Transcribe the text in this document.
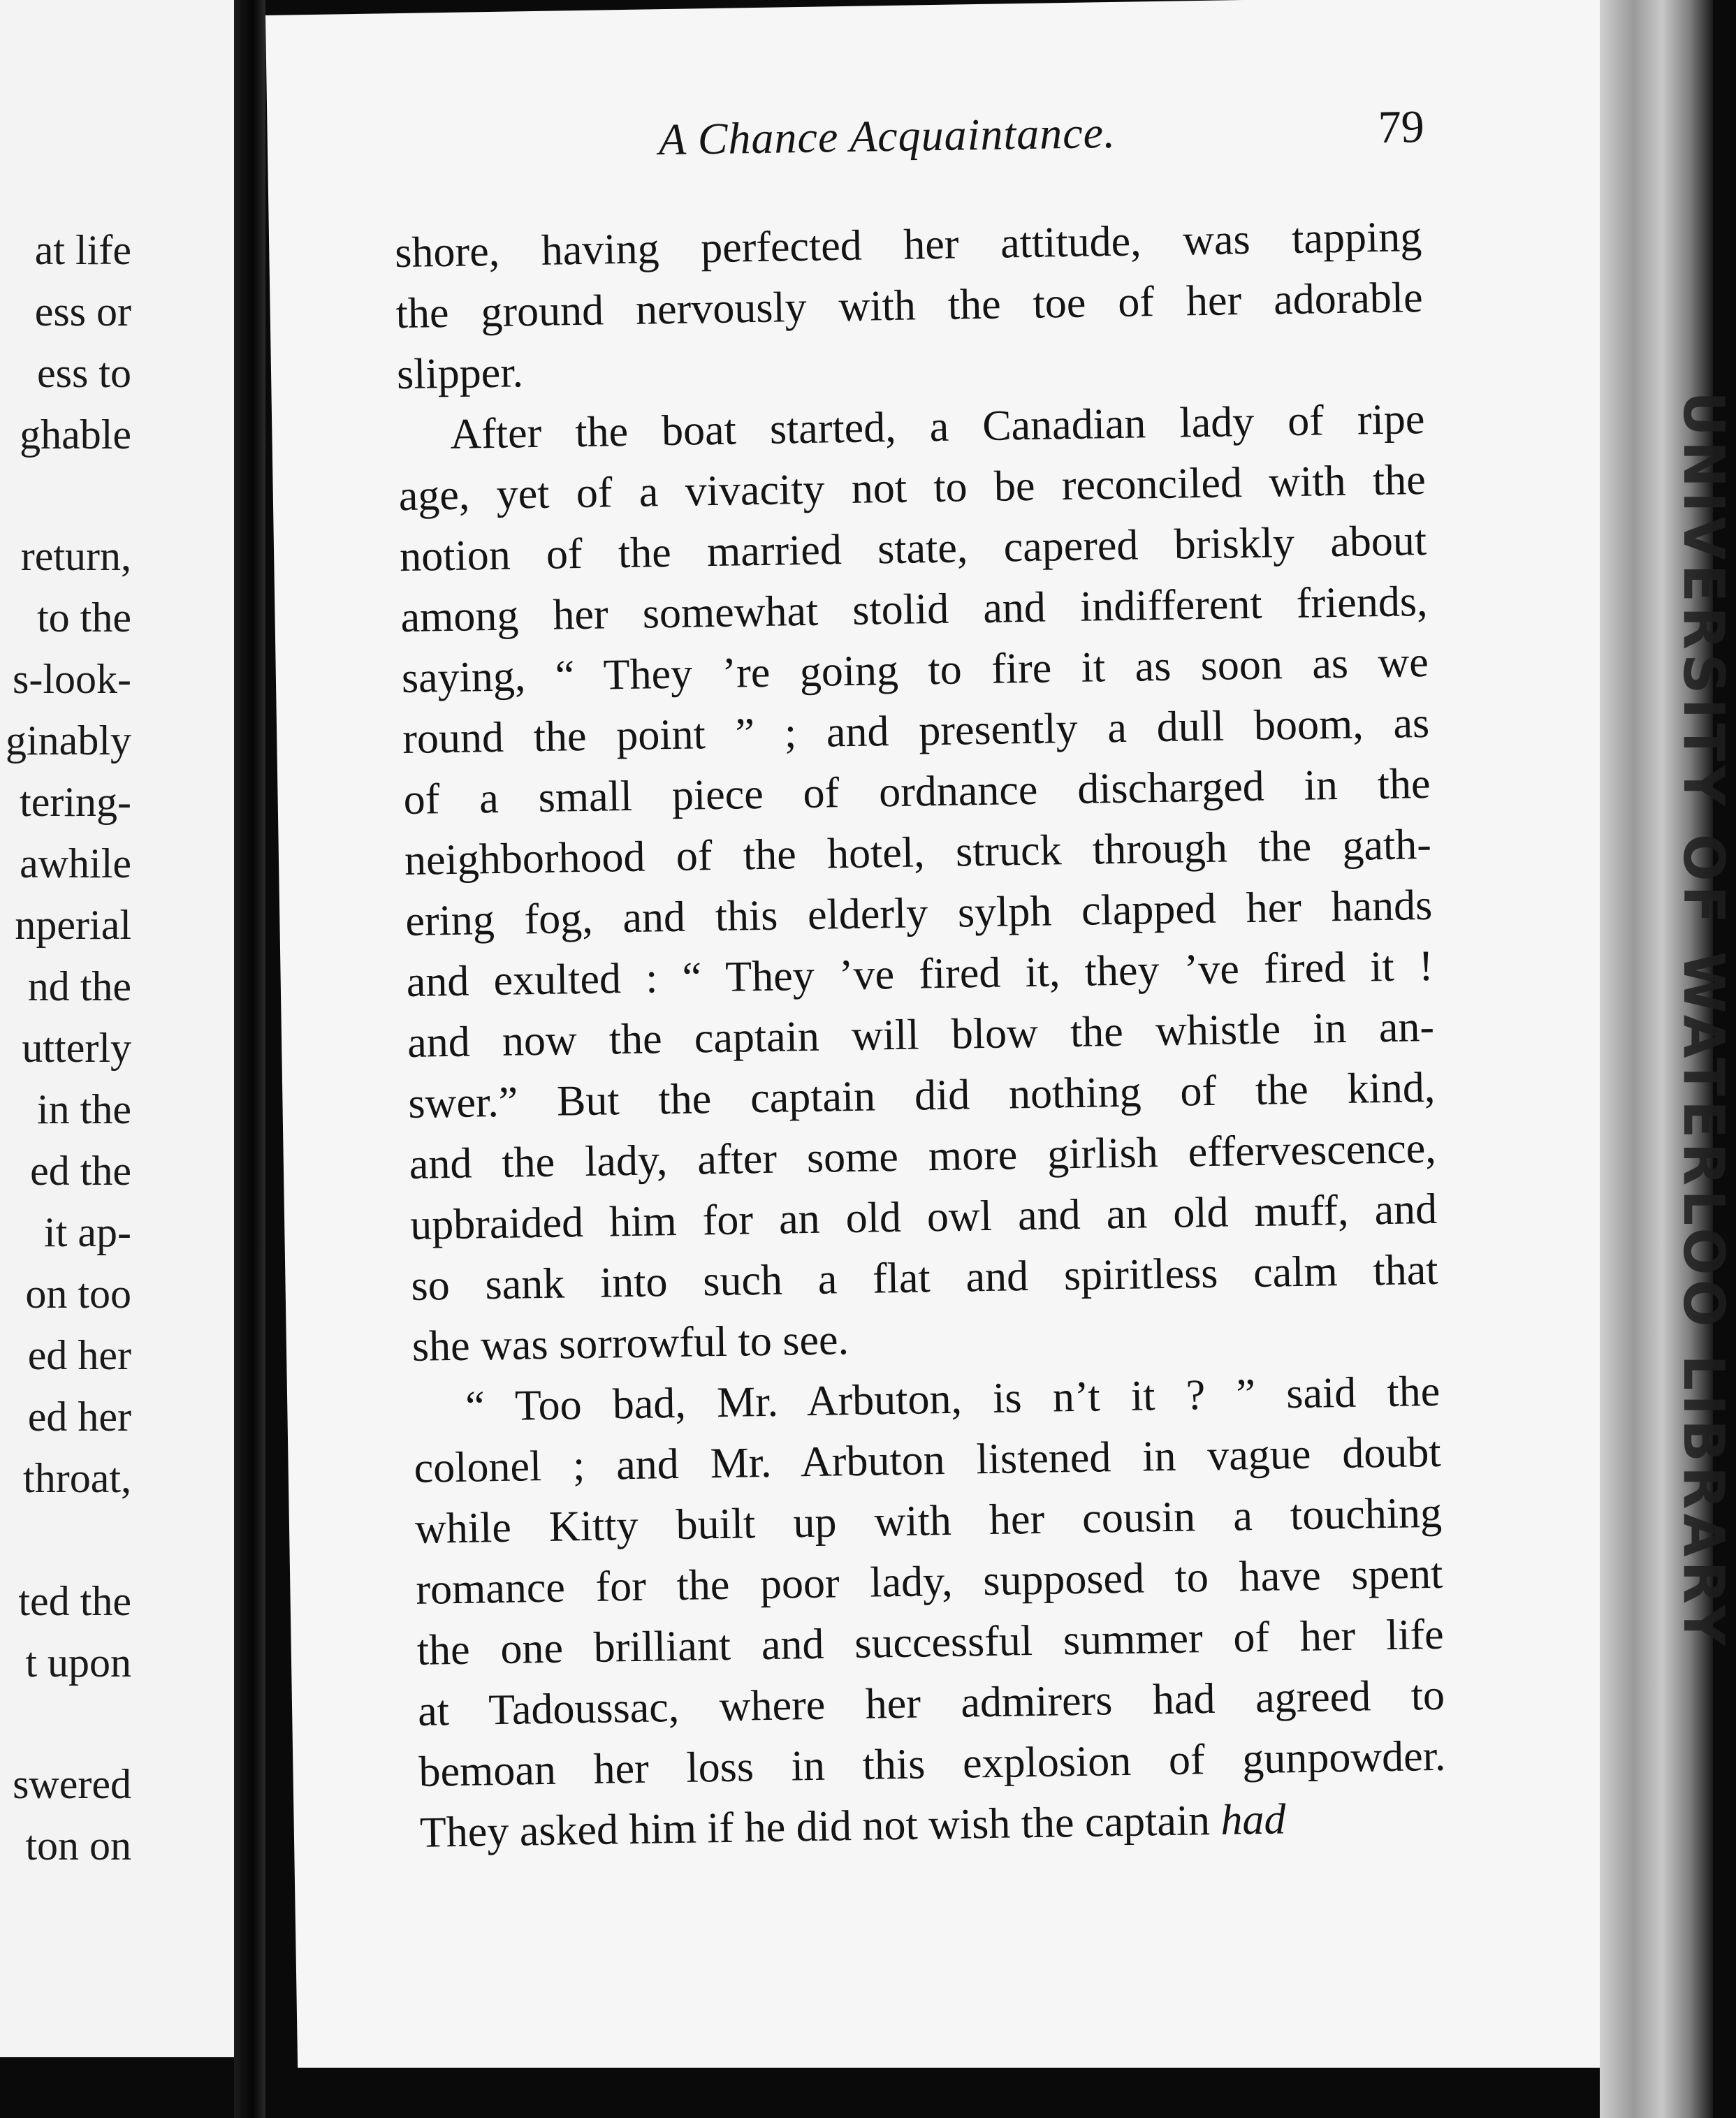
at life
ess or
ess to
ghable
return,
to the
s-look-
ginably
tering-
awhile
nperial
nd the
utterly
in the
ed the
it ap-
on too
ed her
ed her
throat,
ted the
t upon
swered
ton on
A Chance Acquaintance.	79
shore, having perfected her attitude, was tapping
the ground nervously with the toe of her adorable
slipper.
After the boat started, a Canadian lady of ripe
age, yet of a vivacity not to be reconciled with the
notion of the married state, capered briskly about
among her somewhat stolid and indifferent friends,
saying, “ They ’re going to fire it as soon as we
round the point ” ; and presently a dull boom, as
of a small piece of ordnance discharged in the
neighborhood of the hotel, struck through the gath-
ering fog, and this elderly sylph clapped her hands
and exulted : “ They ’ve fired it, they ’ve fired it !
and now the captain will blow the whistle in an-
swer.” But the captain did nothing of the kind,
and the lady, after some more girlish effervescence,
upbraided him for an old owl and an old muff, and
so sank into such a flat and spiritless calm that
she was sorrowful to see.
“ Too bad, Mr. Arbuton, is n’t it ? ” said the
colonel ; and Mr. Arbuton listened in vague doubt
while Kitty built up with her cousin a touching
romance for the poor lady, supposed to have spent
the one brilliant and successful summer of her life
at Tadoussac, where her admirers had agreed to
bemoan her loss in this explosion of gunpowder.
They asked him if he did not wish the captain had
UNIVERSITY OF WATERLOO LIBRARY
